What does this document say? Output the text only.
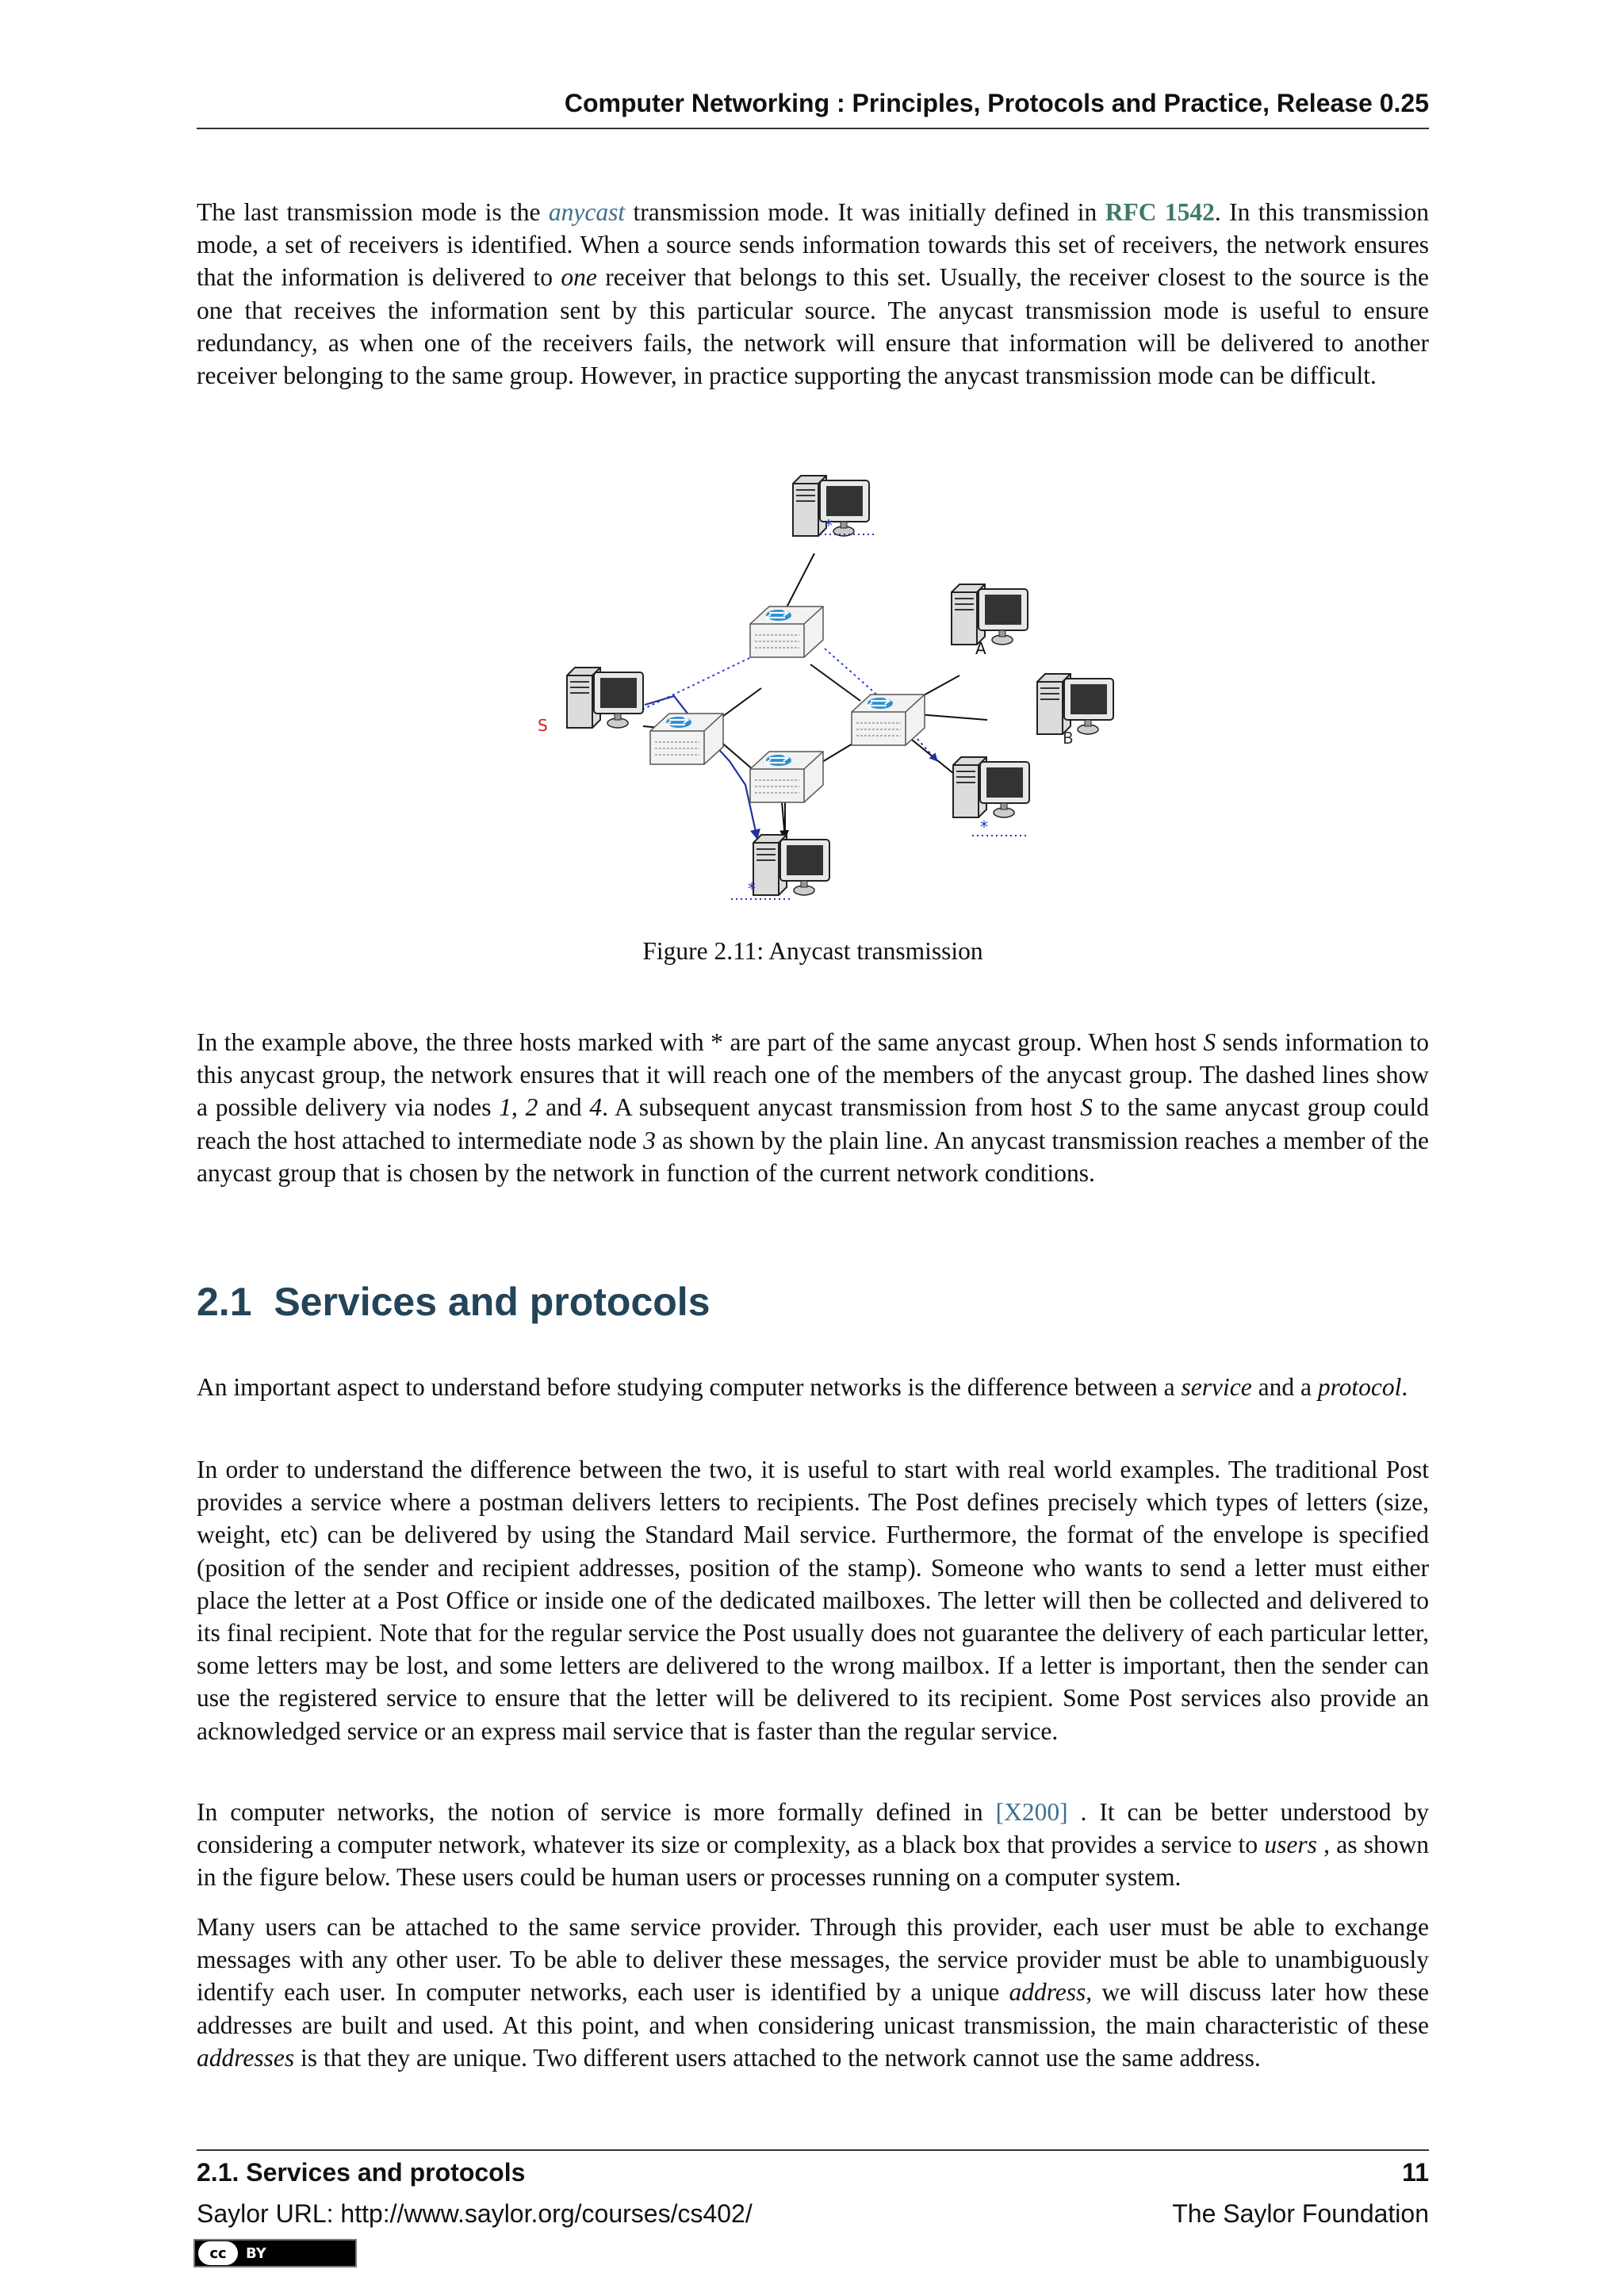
Computer Networking : Principles, Protocols and Practice, Release 0.25

The last transmission mode is the anycast transmission mode. It was initially defined in RFC 1542. In this transmission mode, a set of receivers is identified. When a source sends information towards this set of receivers, the network ensures that the information is delivered to one receiver that belongs to this set. Usually, the receiver closest to the source is the one that receives the information sent by this particular source. The anycast transmission mode is useful to ensure redundancy, as when one of the receivers fails, the network will ensure that information will be delivered to another receiver belonging to the same group. However, in practice supporting the anycast transmission mode can be difficult.

S
A
B
*
*
*
Figure 2.11: Anycast transmission

In the example above, the three hosts marked with * are part of the same anycast group. When host S sends information to this anycast group, the network ensures that it will reach one of the members of the anycast group. The dashed lines show a possible delivery via nodes 1, 2 and 4. A subsequent anycast transmission from host S to the same anycast group could reach the host attached to intermediate node 3 as shown by the plain line. An anycast transmission reaches a member of the anycast group that is chosen by the network in function of the current network conditions.

2.1 Services and protocols

An important aspect to understand before studying computer networks is the difference between a service and a protocol.

In order to understand the difference between the two, it is useful to start with real world examples. The traditional Post provides a service where a postman delivers letters to recipients. The Post defines precisely which types of letters (size, weight, etc) can be delivered by using the Standard Mail service. Furthermore, the format of the envelope is specified (position of the sender and recipient addresses, position of the stamp). Someone who wants to send a letter must either place the letter at a Post Office or inside one of the dedicated mailboxes. The letter will then be collected and delivered to its final recipient. Note that for the regular service the Post usually does not guarantee the delivery of each particular letter, some letters may be lost, and some letters are delivered to the wrong mailbox. If a letter is important, then the sender can use the registered service to ensure that the letter will be delivered to its recipient. Some Post services also provide an acknowledged service or an express mail service that is faster than the regular service.

In computer networks, the notion of service is more formally defined in [X200] . It can be better understood by considering a computer network, whatever its size or complexity, as a black box that provides a service to users , as shown in the figure below. These users could be human users or processes running on a computer system.

Many users can be attached to the same service provider. Through this provider, each user must be able to exchange messages with any other user. To be able to deliver these messages, the service provider must be able to unambiguously identify each user. In computer networks, each user is identified by a unique address, we will discuss later how these addresses are built and used. At this point, and when considering unicast transmission, the main characteristic of these addresses is that they are unique. Two different users attached to the network cannot use the same address.

2.1. Services and protocols	11
Saylor URL: http://www.saylor.org/courses/cs402/	The Saylor Foundation
cc	BY
